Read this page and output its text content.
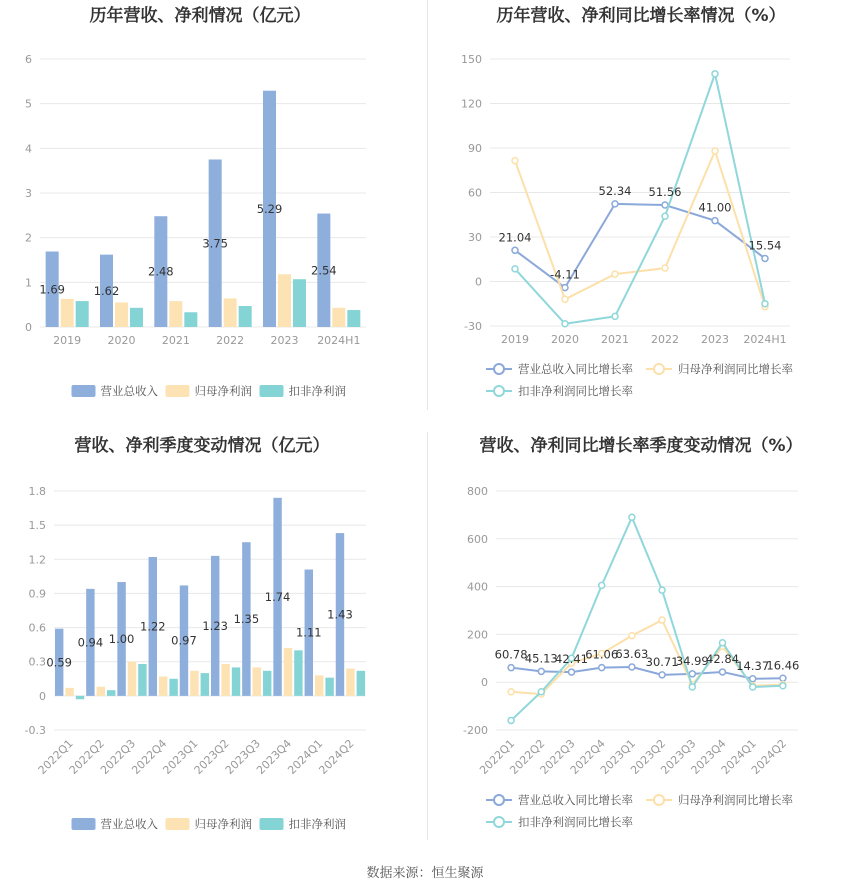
历年营收、净利情况（亿元）
0
1
2
3
4
5
6
2019 2020 2021 2022 2023 2024H1
1.69 1.62
2.48
3.75
5.29
2.54
营业总收入	归母净利润	扣非净利润
历年营收、净利同比增长率情况（%）
-30
0
30
60
90
120
150
2019 2020 2021 2022 2023 2024H1
21.04
-4.11
52.34 51.56
41.00
15.54
营业总收入同比增长率	归母净利润同比增长率
扣非净利润同比增长率
营收、净利季度变动情况（亿元）
-0.3
0
0.3
0.6
0.9
1.2
1.5
1.8
2022Q1
2022Q2
2022Q3
2022Q4
2023Q1
2023Q2
2023Q3
2023Q4
2024Q1
2024Q2
0.59
0.94 1.00
1.22
0.97
1.23 1.35
1.74
1.11
1.43
营业总收入	归母净利润	扣非净利润
营收、净利同比增长率季度变动情况（%）
-200
0
200
400
600
800
2022Q1
2022Q2
2022Q3
2022Q4
2023Q1
2023Q2
2023Q3
2023Q4
2024Q1
2024Q2
60.78
45.13
42.41
61.06
63.63
30.71
34.99
42.84
14.37
16.46
营业总收入同比增长率	归母净利润同比增长率
扣非净利润同比增长率
数据来源：恒生聚源
